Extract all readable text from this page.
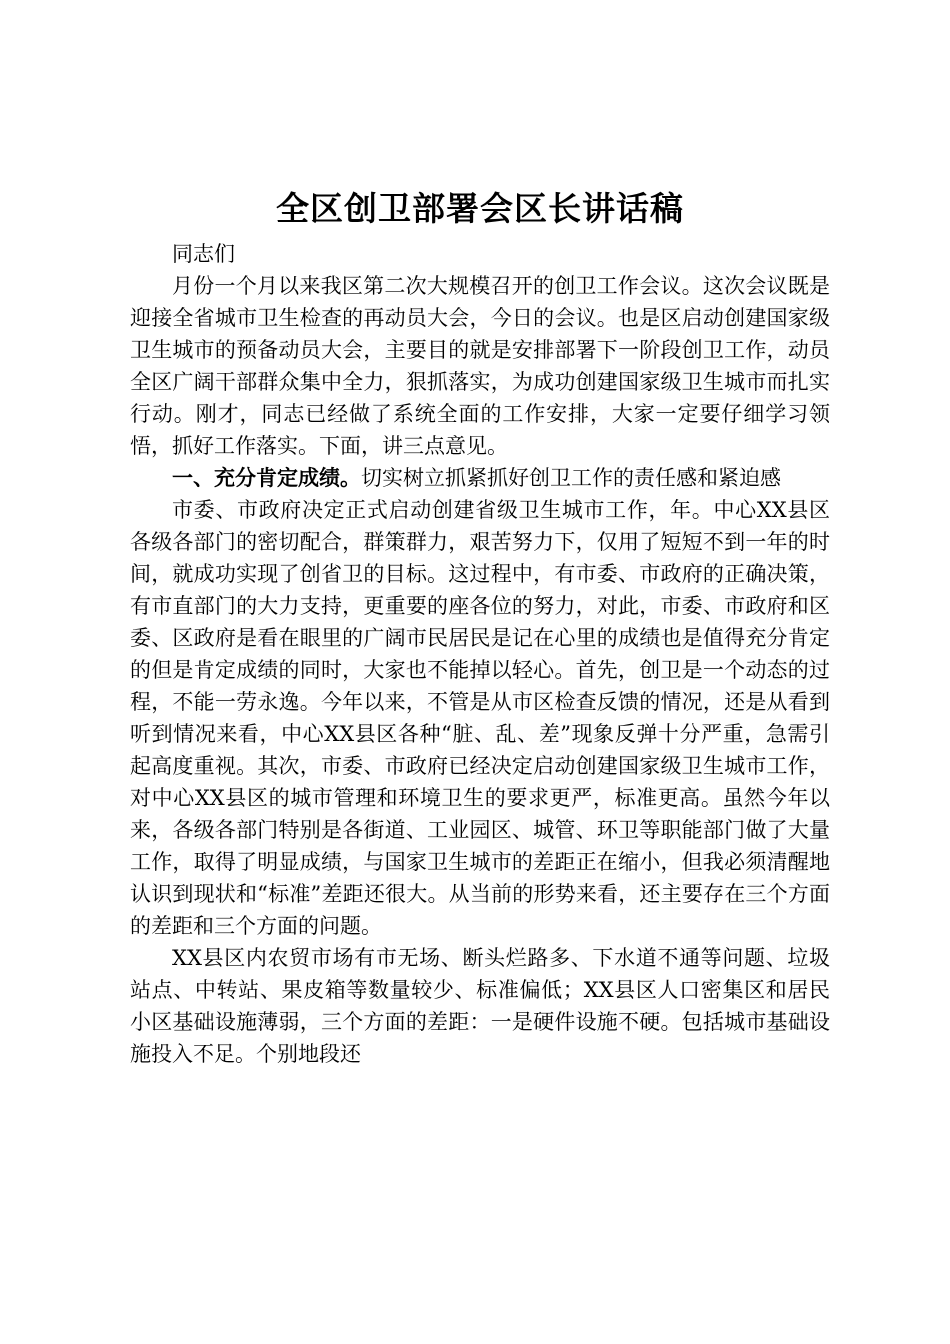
全区创卫部署会区长讲话稿

同志们

月份一个月以来我区第二次大规模召开的创卫工作会议。这次会议既是迎接全省城市卫生检查的再动员大会，今日的会议。也是区启动创建国家级卫生城市的预备动员大会，主要目的就是安排部署下一阶段创卫工作，动员全区广阔干部群众集中全力，狠抓落实，为成功创建国家级卫生城市而扎实行动。刚才，同志已经做了系统全面的工作安排，大家一定要仔细学习领悟，抓好工作落实。下面，讲三点意见。

一、充分肯定成绩。切实树立抓紧抓好创卫工作的责任感和紧迫感

市委、市政府决定正式启动创建省级卫生城市工作，年。中心XX县区各级各部门的密切配合，群策群力，艰苦努力下，仅用了短短不到一年的时间，就成功实现了创省卫的目标。这过程中，有市委、市政府的正确决策，有市直部门的大力支持，更重要的座各位的努力，对此，市委、市政府和区委、区政府是看在眼里的广阔市民居民是记在心里的成绩也是值得充分肯定的但是肯定成绩的同时，大家也不能掉以轻心。首先，创卫是一个动态的过程，不能一劳永逸。今年以来，不管是从市区检查反馈的情况，还是从看到听到情况来看，中心XX县区各种“脏、乱、差”现象反弹十分严重，急需引起高度重视。其次，市委、市政府已经决定启动创建国家级卫生城市工作，对中心XX县区的城市管理和环境卫生的要求更严，标准更高。虽然今年以来，各级各部门特别是各街道、工业园区、城管、环卫等职能部门做了大量工作，取得了明显成绩，与国家卫生城市的差距正在缩小，但我必须清醒地认识到现状和“标准”差距还很大。从当前的形势来看，还主要存在三个方面的差距和三个方面的问题。

XX县区内农贸市场有市无场、断头烂路多、下水道不通等问题、垃圾站点、中转站、果皮箱等数量较少、标准偏低；XX县区人口密集区和居民小区基础设施薄弱，三个方面的差距：一是硬件设施不硬。包括城市基础设施投入不足。个别地段还
